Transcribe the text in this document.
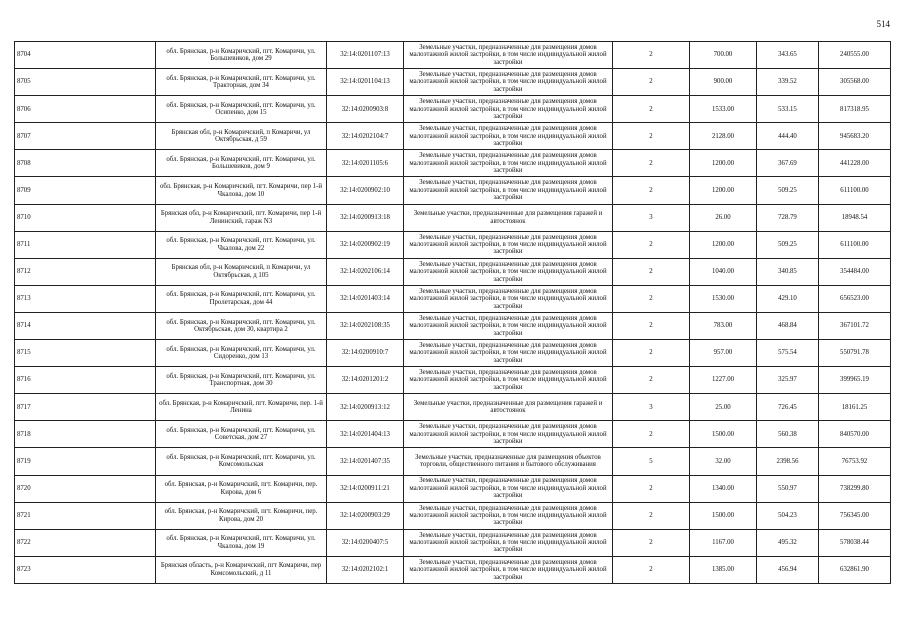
514
8704	обл. Брянская, р-н Комаричский, пгт. Комаричи, ул. Большевиков, дом 29	32:14:0201107:13	Земельные участки, предназначенные для размещения домов малоэтажной жилой застройки, в том числе индивидуальной жилой застройки	2	700.00	343.65	240555.00
8705	обл. Брянская, р-н Комаричский, пгт. Комаричи, ул. Тракторная, дом 34	32:14:0201104:13	Земельные участки, предназначенные для размещения домов малоэтажной жилой застройки, в том числе индивидуальной жилой застройки	2	900.00	339.52	305568.00
8706	обл. Брянская, р-н Комаричский, пгт. Комаричи, ул. Осипенко, дом 15	32:14:0200903:8	Земельные участки, предназначенные для размещения домов малоэтажной жилой застройки, в том числе индивидуальной жилой застройки	2	1533.00	533.15	817318.95
8707	Брянская обл, р-н Комаричский, п Комаричи, ул Октябрьская, д 59	32:14:0202104:7	Земельные участки, предназначенные для размещения домов малоэтажной жилой застройки, в том числе индивидуальной жилой застройки	2	2128.00	444.40	945683.20
8708	обл. Брянская, р-н Комаричский, пгт. Комаричи, ул. Большевиков, дом 9	32:14:0201105:6	Земельные участки, предназначенные для размещения домов малоэтажной жилой застройки, в том числе индивидуальной жилой застройки	2	1200.00	367.69	441228.00
8709	обл. Брянская, р-н Комаричский, пгт. Комаричи, пер 1-й Чкалова, дом 10	32:14:0200902:10	Земельные участки, предназначенные для размещения домов малоэтажной жилой застройки, в том числе индивидуальной жилой застройки	2	1200.00	509.25	611100.00
8710	Брянская обл, р-н Комаричский, пгт. Комаричи, пер 1-й Ленинский, гараж N3	32:14:0200913:18	Земельные участки, предназначенные для размещения гаражей и автостоянок	3	26.00	728.79	18948.54
8711	обл. Брянская, р-н Комаричский, пгт. Комаричи, ул. Чкалова, дом 22	32:14:0200902:19	Земельные участки, предназначенные для размещения домов малоэтажной жилой застройки, в том числе индивидуальной жилой застройки	2	1200.00	509.25	611100.00
8712	Брянская обл, р-н Комаричский, п Комаричи, ул Октябрьская, д 105	32:14:0202106:14	Земельные участки, предназначенные для размещения домов малоэтажной жилой застройки, в том числе индивидуальной жилой застройки	2	1040.00	340.85	354484.00
8713	обл. Брянская, р-н Комаричский, пгт. Комаричи, ул. Пролетарская, дом 44	32:14:0201403:14	Земельные участки, предназначенные для размещения домов малоэтажной жилой застройки, в том числе индивидуальной жилой застройки	2	1530.00	429.10	656523.00
8714	обл. Брянская, р-н Комаричский, пгт. Комаричи, ул. Октябрьская, дом 30, квартира 2	32:14:0202108:35	Земельные участки, предназначенные для размещения домов малоэтажной жилой застройки, в том числе индивидуальной жилой застройки	2	783.00	468.84	367101.72
8715	обл. Брянская, р-н Комаричский, пгт. Комаричи, ул. Сидоренко, дом 13	32:14:0200910:7	Земельные участки, предназначенные для размещения домов малоэтажной жилой застройки, в том числе индивидуальной жилой застройки	2	957.00	575.54	550791.78
8716	обл. Брянская, р-н Комаричский, пгт. Комаричи, ул. Транспортная, дом 30	32:14:0201201:2	Земельные участки, предназначенные для размещения домов малоэтажной жилой застройки, в том числе индивидуальной жилой застройки	2	1227.00	325.97	399965.19
8717	обл. Брянская, р-н Комаричский, пгт. Комаричи, пер. 1-й Ленина	32:14:0200913:12	Земельные участки, предназначенные для размещения гаражей и автостоянок	3	25.00	726.45	18161.25
8718	обл. Брянская, р-н Комаричский, пгт. Комаричи, ул. Советская, дом 27	32:14:0201404:13	Земельные участки, предназначенные для размещения домов малоэтажной жилой застройки, в том числе индивидуальной жилой застройки	2	1500.00	560.38	840570.00
8719	обл. Брянская, р-н Комаричский, пгт. Комаричи, ул. Комсомольская	32:14:0201407:35	Земельные участки, предназначенные для размещения объектов торговли, общественного питания и бытового обслуживания	5	32.00	2398.56	76753.92
8720	обл. Брянская, р-н Комаричский, пгт. Комаричи, пер. Кирова, дом 6	32:14:0200911:21	Земельные участки, предназначенные для размещения домов малоэтажной жилой застройки, в том числе индивидуальной жилой застройки	2	1340.00	550.97	738299.80
8721	обл. Брянская, р-н Комаричский, пгт. Комаричи, пер. Кирова, дом 20	32:14:0200903:29	Земельные участки, предназначенные для размещения домов малоэтажной жилой застройки, в том числе индивидуальной жилой застройки	2	1500.00	504.23	756345.00
8722	обл. Брянская, р-н Комаричский, пгт. Комаричи, ул. Чкалова, дом 19	32:14:0200407:5	Земельные участки, предназначенные для размещения домов малоэтажной жилой застройки, в том числе индивидуальной жилой застройки	2	1167.00	495.32	578038.44
8723	Брянская область, р-н Комаричский, пгт Комаричи, пер Комсомольский, д 11	32:14:0202102:1	Земельные участки, предназначенные для размещения домов малоэтажной жилой застройки, в том числе индивидуальной жилой застройки	2	1385.00	456.94	632861.90
